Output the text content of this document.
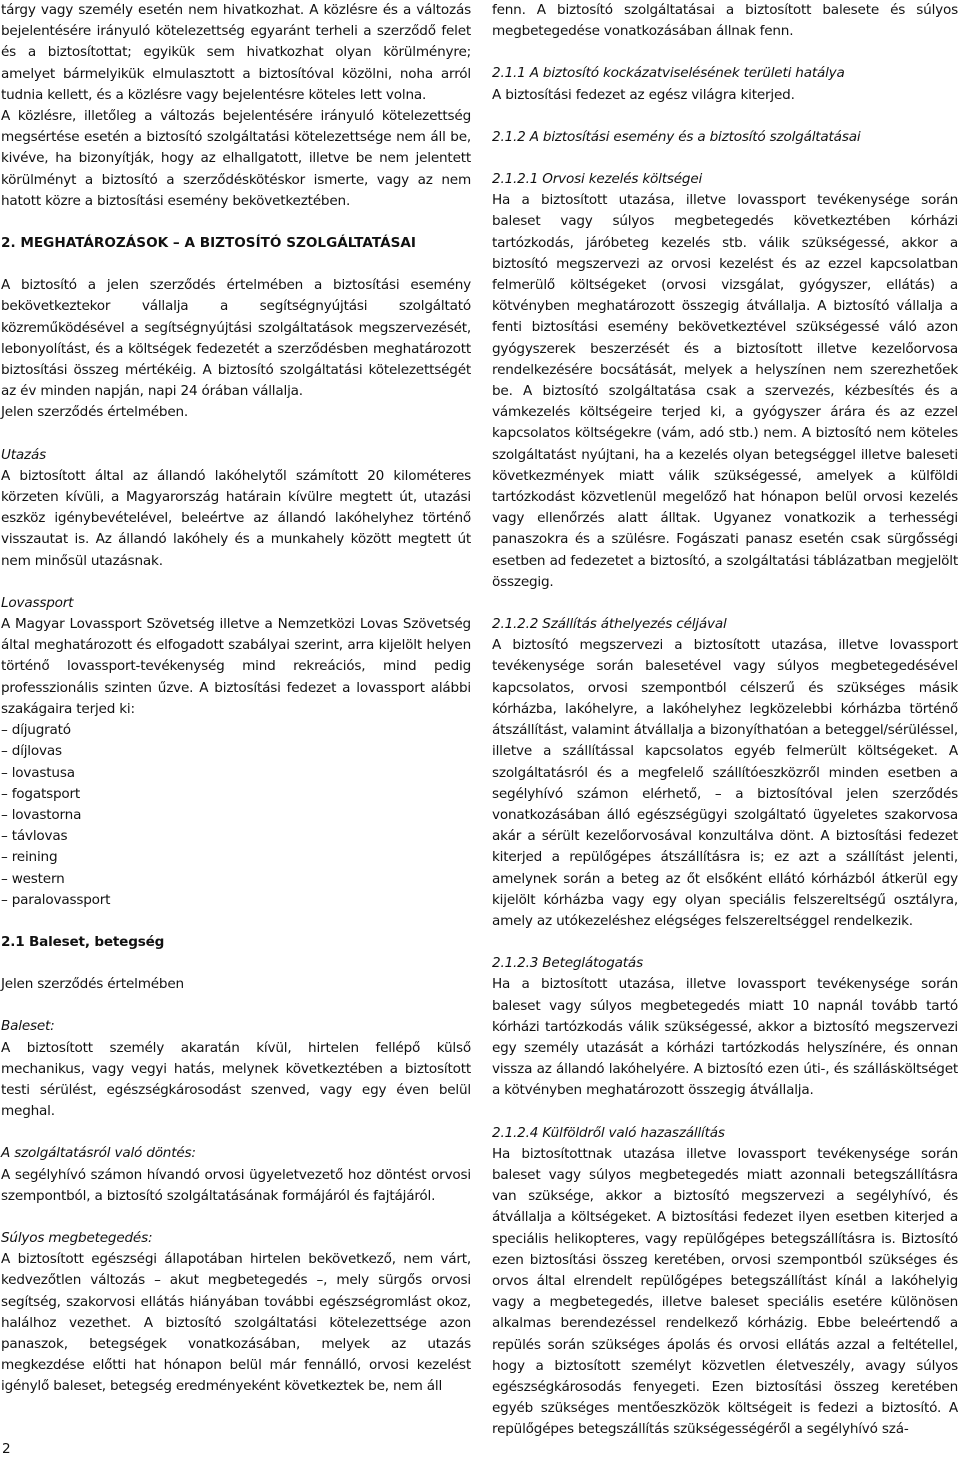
tárgy vagy személy esetén nem hivatkozhat. A közlésre és a változás bejelentésére irányuló kötelezettség egyaránt terheli a szerződő felet és a biztosítottat; egyikük sem hivatkozhat olyan körülményre; amelyet bármelyikük elmulasztott a biztosítóval közölni, noha arról tudnia kellett, és a közlésre vagy bejelentésre köteles lett volna.

A közlésre, illetőleg a változás bejelentésére irányuló kötelezettség megsértése esetén a biztosító szolgáltatási kötelezettsége nem áll be, kivéve, ha bizonyítják, hogy az elhallgatott, illetve be nem jelentett körülményt a biztosító a szerződéskötéskor ismerte, vagy az nem hatott közre a biztosítási esemény bekövetkeztében.

2. MEGHATÁROZÁSOK – A BIZTOSÍTÓ SZOLGÁLTATÁSAI

A biztosító a jelen szerződés értelmében a biztosítási esemény bekövetkeztekor vállalja a segítségnyújtási szolgáltató közreműködésével a segítségnyújtási szolgáltatások megszervezését, lebonyolítást, és a költségek fedezetét a szerződésben meghatározott biztosítási összeg mértékéig. A biztosító szolgáltatási kötelezettségét az év minden napján, napi 24 órában vállalja.

Jelen szerződés értelmében.

Utazás

A biztosított által az állandó lakóhelytől számított 20 kilométeres körzeten kívüli, a Magyarország határain kívülre megtett út, utazási eszköz igénybevételével, beleértve az állandó lakóhelyhez történő visszautat is. Az állandó lakóhely és a munkahely között megtett út nem minősül utazásnak.

Lovassport

A Magyar Lovassport Szövetség illetve a Nemzetközi Lovas Szövetség által meghatározott és elfogadott szabályai szerint, arra kijelölt helyen történő lovassport-tevékenység mind rekreációs, mind pedig professzionális szinten űzve. A biztosítási fedezet a lovassport alábbi szakágaira terjed ki:

– díjugrató
– díjlovas
– lovastusa
– fogatsport
– lovastorna
– távlovas
– reining
– western
– paralovassport

2.1 Baleset, betegség

Jelen szerződés értelmében

Baleset:

A biztosított személy akaratán kívül, hirtelen fellépő külső mechanikus, vagy vegyi hatás, melynek következtében a biztosított testi sérülést, egészségkárosodást szenved, vagy egy éven belül meghal.

A szolgáltatásról való döntés:

A segélyhívó számon hívandó orvosi ügyeletvezető hoz döntést orvosi szempontból, a biztosító szolgáltatásának formájáról és fajtájáról.

Súlyos megbetegedés:

A biztosított egészségi állapotában hirtelen bekövetkező, nem várt, kedvezőtlen változás – akut megbetegedés –, mely sürgős orvosi segítség, szakorvosi ellátás hiányában további egészségromlást okoz, halálhoz vezethet. A biztosító szolgáltatási kötelezettsége azon panaszok, betegségek vonatkozásában, melyek az utazás megkezdése előtti hat hónapon belül már fennálló, orvosi kezelést igénylő baleset, betegség eredményeként következtek be, nem áll

fenn. A biztosító szolgáltatásai a biztosított balesete és súlyos megbetegedése vonatkozásában állnak fenn.

2.1.1 A biztosító kockázatviselésének területi hatálya

A biztosítási fedezet az egész világra kiterjed.

2.1.2 A biztosítási esemény és a biztosító szolgáltatásai

2.1.2.1 Orvosi kezelés költségei

Ha a biztosított utazása, illetve lovassport tevékenysége során baleset vagy súlyos megbetegedés következtében kórházi tartózkodás, járóbeteg kezelés stb. válik szükségessé, akkor a biztosító megszervezi az orvosi kezelést és az ezzel kapcsolatban felmerülő költségeket (orvosi vizsgálat, gyógyszer, ellátás) a kötvényben meghatározott összegig átvállalja. A biztosító vállalja a fenti biztosítási esemény bekövetkeztével szükségessé váló azon gyógyszerek beszerzését és a biztosított illetve kezelőorvosa rendelkezésére bocsátását, melyek a helyszínen nem szerezhetőek be. A biztosító szolgáltatása csak a szervezés, kézbesítés és a vámkezelés költségeire terjed ki, a gyógyszer árára és az ezzel kapcsolatos költségekre (vám, adó stb.) nem. A biztosító nem köteles szolgáltatást nyújtani, ha a kezelés olyan betegséggel illetve baleseti következmények miatt válik szükségessé, amelyek a külföldi tartózkodást közvetlenül megelőző hat hónapon belül orvosi kezelés vagy ellenőrzés alatt álltak. Ugyanez vonatkozik a terhességi panaszokra és a szülésre. Fogászati panasz esetén csak sürgősségi esetben ad fedezetet a biztosító, a szolgáltatási táblázatban megjelölt összegig.

2.1.2.2 Szállítás áthelyezés céljával

A biztosító megszervezi a biztosított utazása, illetve lovassport tevékenysége során balesetével vagy súlyos megbetegedésével kapcsolatos, orvosi szempontból célszerű és szükséges másik kórházba, lakóhelyre, a lakóhelyhez legközelebbi kórházba történő átszállítást, valamint átvállalja a bizonyíthatóan a beteggel/sérüléssel, illetve a szállítással kapcsolatos egyéb felmerült költségeket. A szolgáltatásról és a megfelelő szállítóeszközről minden esetben a segélyhívó számon elérhető, – a biztosítóval jelen szerződés vonatkozásában álló egészségügyi szolgáltató ügyeletes szakorvosa akár a sérült kezelőorvosával konzultálva dönt. A biztosítási fedezet kiterjed a repülőgépes átszállításra is; ez azt a szállítást jelenti, amelynek során a beteg az őt elsőként ellátó kórházból átkerül egy kijelölt kórházba vagy egy olyan speciális felszereltségű osztályra, amely az utókezeléshez elégséges felszereltséggel rendelkezik.

2.1.2.3 Beteglátogatás

Ha a biztosított utazása, illetve lovassport tevékenysége során baleset vagy súlyos megbetegedés miatt 10 napnál tovább tartó kórházi tartózkodás válik szükségessé, akkor a biztosító megszervezi egy személy utazását a kórházi tartózkodás helyszínére, és onnan vissza az állandó lakóhelyére. A biztosító ezen úti-, és szállásköltséget a kötvényben meghatározott összegig átvállalja.

2.1.2.4 Külföldről való hazaszállítás

Ha biztosítottnak utazása illetve lovassport tevékenysége során baleset vagy súlyos megbetegedés miatt azonnali betegszállításra van szüksége, akkor a biztosító megszervezi a segélyhívó, és átvállalja a költségeket. A biztosítási fedezet ilyen esetben kiterjed a speciális helikopteres, vagy repülőgépes betegszállításra is. Biztosító ezen biztosítási összeg keretében, orvosi szempontból szükséges és orvos által elrendelt repülőgépes betegszállítást kínál a lakóhelyig vagy a megbetegedés, illetve baleset speciális esetére különösen alkalmas berendezéssel rendelkező kórházig. Ebbe beleértendő a repülés során szükséges ápolás és orvosi ellátás azzal a feltétellel, hogy a biztosított személyt közvetlen életveszély, avagy súlyos egészségkárosodás fenyegeti. Ezen biztosítási összeg keretében egyéb szükséges mentőeszközök költségeit is fedezi a biztosító. A repülőgépes betegszállítás szükségességéről a segélyhívó szá-

2
